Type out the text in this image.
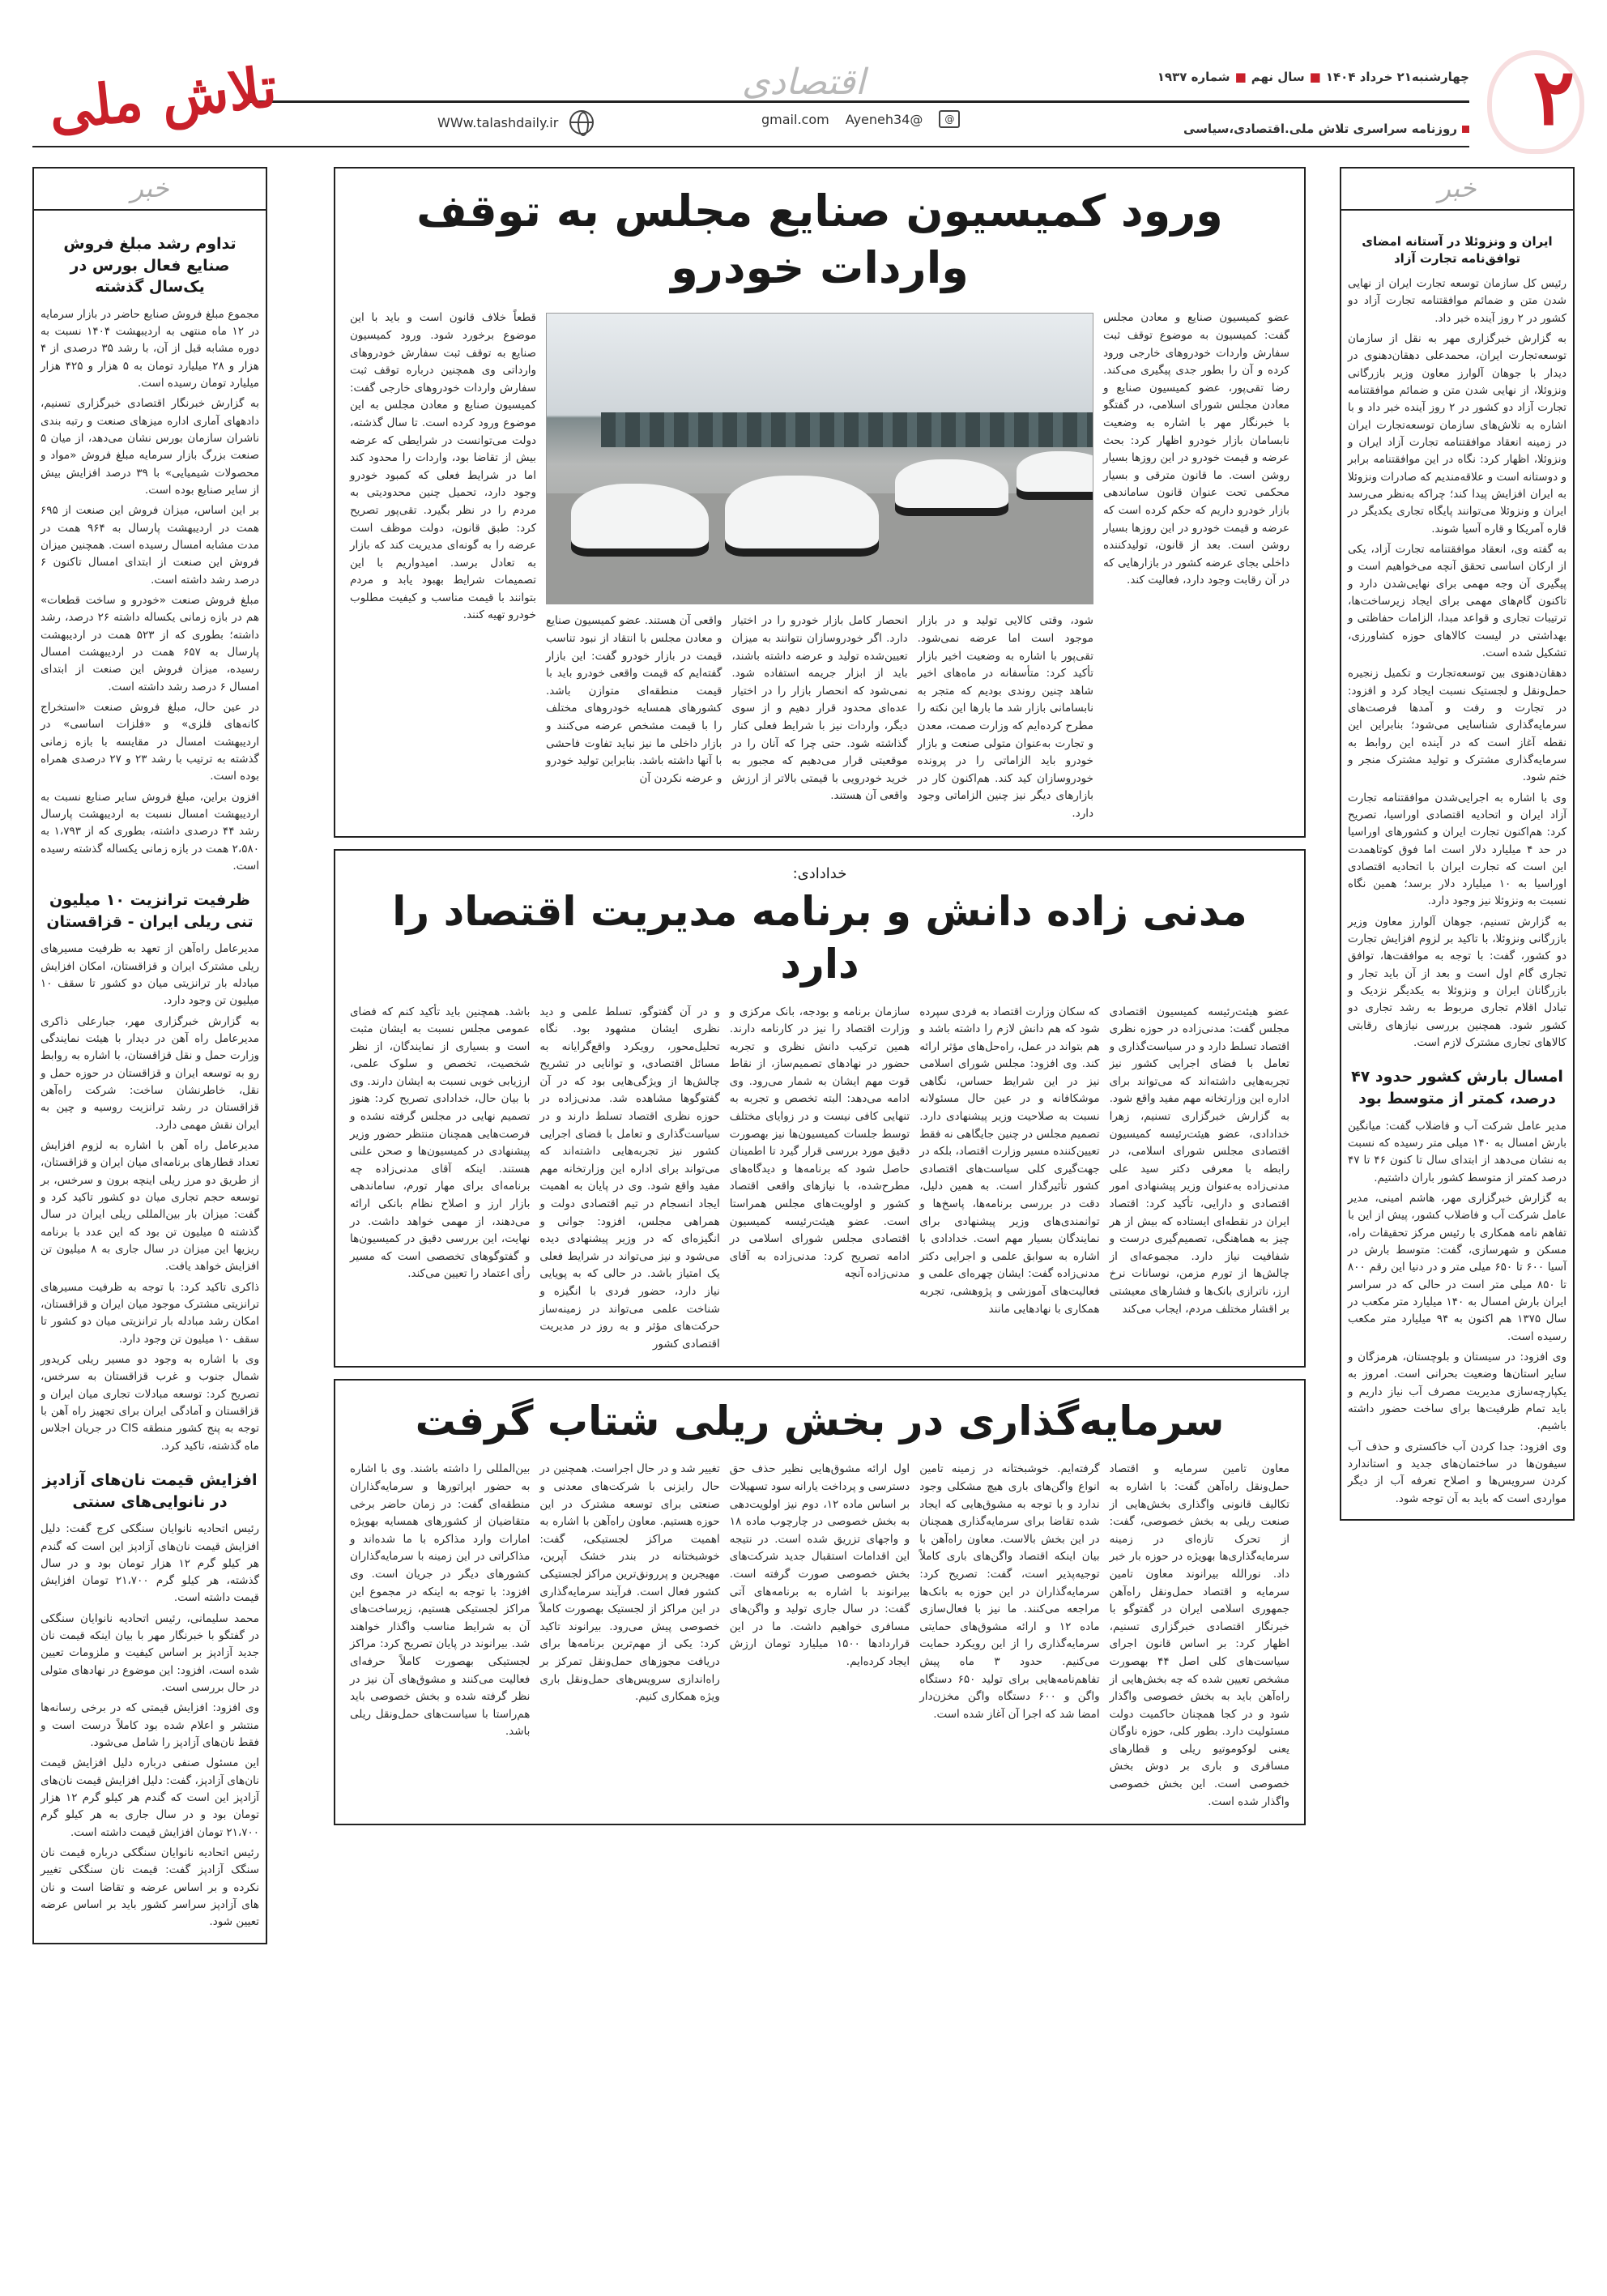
۲
چهارشنبه۲۱ خرداد ۱۴۰۴■سال نهم■شماره ۱۹۳۷
اقتصادی
روزنامه سراسری تلاش ملی.اقتصادی،سیاسی
gmail.com Ayeneh34@	@
WWw.talashdaily.ir
تلاش ملی
خبر
ایران و ونزوئلا در آستانه امضای توافق‌نامه تجارت آزاد

رئیس کل سازمان توسعه تجارت ایران از نهایی شدن متن و ضمائم موافقتنامه تجارت آزاد دو کشور در ۲ روز آینده خبر داد.

به گزارش خبرگزاری مهر به نقل از سازمان توسعه‌تجارت ایران، محمدعلی دهقان‌دهنوی در دیدار با جوهان آلوارز معاون وزیر بازرگانی ونزوئلا، از نهایی شدن متن و ضمائم موافقتنامه تجارت آزاد دو کشور در ۲ روز آینده خبر داد و با اشاره به تلاش‌های سازمان توسعه‌تجارت ایران در زمینه انعقاد موافقتنامه تجارت آزاد ایران و ونزوئلا، اظهار کرد: نگاه در این موافقتنامه برابر و دوستانه است و علاقه‌مندیم که صادرات ونزوئلا به ایران افزایش پیدا کند؛ چراکه به‌نظر می‌رسد ایران و ونزوئلا می‌توانند پایگاه تجاری یکدیگر در قاره آمریکا و قاره آسیا شوند.

به گفته وی، انعقاد موافقتنامه تجارت آزاد، یکی از ارکان اساسی تحقق آنچه می‌خواهیم است و پیگیری آن وجه مهمی برای نهایی‌شدن دارد و تاکنون گام‌های مهمی برای ایجاد زیرساخت‌ها، ترتیبات تجاری و قواعد مبدا، الزامات حفاظتی و بهداشتی در لیست کالاهای حوزه کشاورزی، تشکیل شده است.

دهقان‌دهنوی بین توسعه‌تجارت و تکمیل زنجیره حمل‌ونقل و لجستیک نسبت ایجاد کرد و افزود: در تجارت و رفت و آمدها فرصت‌های سرمایه‌گذاری شناسایی می‌شود؛ بنابراین این نقطه آغاز است که در آینده این روابط به سرمایه‌گذاری مشترک و تولید مشترک منجر و ختم شود.

وی با اشاره به اجرایی‌شدن موافقتنامه تجارت آزاد ایران و اتحادیه اقتصادی اوراسیا، تصریح کرد: هم‌اکنون تجارت ایران و کشورهای اوراسیا در حد ۴ میلیارد دلار است اما فوق کوتاهمدت این است که تجارت ایران با اتحادیه اقتصادی اوراسیا به ۱۰ میلیارد دلار برسد؛ همین نگاه نسبت به ونزوئلا نیز وجود دارد.

به گزارش تسنیم، جوهان آلوارز معاون وزیر بازرگانی ونزوئلا، با تاکید بر لزوم افزایش تجارت دو کشور، گفت: با توجه به موافقت‌ها، توافق تجاری گام اول است و بعد از آن باید تجار و بازرگانان ایران و ونزوئلا به یکدیگر نزدیک و تبادل اقلام تجاری مربوط به رشد تجاری دو کشور شود. همچنین بررسی نیازهای رقابتی کالاهای تجاری مشترک لازم است.

امسال بارش کشور حدود ۴۷ درصد، کمتر از متوسط بود

مدیر عامل شرکت آب و فاضلاب گفت: میانگین بارش امسال به ۱۴۰ میلی متر رسیده که نسبت به نشان می‌دهد از ابتدای سال تا کنون ۴۶ تا ۴۷ درصد کمتر از متوسط کشور باران داشتیم.

به گزارش خبرگزاری مهر، هاشم امینی، مدیر عامل شرکت آب و فاضلاب کشور، پیش از این با تفاهم نامه همکاری با رئیس مرکز تحقیقات راه، مسکن و شهرسازی، گفت: متوسط بارش در آسیا ۶۰۰ تا ۶۵۰ میلی متر و در دنیا این رقم ۸۰۰ تا ۸۵۰ میلی متر است در حالی که در سراسر ایران بارش امسال به ۱۴۰ میلیارد متر مکعب در سال ۱۳۷۵ هم اکنون به ۹۴ میلیارد متر مکعب رسیده است.

وی افزود: در سیستان و بلوچستان، هرمزگان و سایر استان‌ها وضعیت بحرانی است. امروز به یکپارچه‌سازی مدیریت مصرف آب نیاز داریم و باید تمام ظرفیت‌ها برای ساخت حضور داشته باشیم.

وی افزود: جدا کردن آب خاکستری و حذف آب سیفون‌ها در ساختمان‌های جدید و استاندارد کردن سرویس‌ها و اصلاح تعرفه آب از دیگر مواردی است که باید به آن توجه شود.

خبر
تداوم رشد مبلغ فروش صنایع فعال بورس در یک‌سال گذشته

مجموع مبلغ فروش صنایع حاضر در بازار سرمایه در ۱۲ ماه منتهی به اردیبهشت ۱۴۰۴ نسبت به دوره مشابه قبل از آن، با رشد ۳۵ درصدی از ۴ هزار و ۲۸ میلیارد تومان به ۵ هزار و ۴۲۵ هزار میلیارد تومان رسیده است.

به گزارش خبرنگار اقتصادی خبرگزاری تسنیم، دادههای آماری اداره میزهای صنعت و رتبه بندی ناشران سازمان بورس نشان می‌دهد، از میان ۵ صنعت بزرگ بازار سرمایه مبلغ فروش «مواد و محصولات شیمیایی» با ۳۹ درصد افزایش بیش از سایر صنایع بوده است.

بر این اساس، میزان فروش این صنعت از ۶۹۵ همت در اردیبهشت پارسال به ۹۶۴ همت در مدت مشابه امسال رسیده است. همچنین میزان فروش این صنعت از ابتدای امسال تاکنون ۶ درصد رشد داشته است.

مبلغ فروش صنعت «خودرو و ساخت قطعات» هم در بازه زمانی یکساله داشته ۲۶ درصد، رشد داشته؛ بطوری که از ۵۲۳ همت در اردیبهشت پارسال به ۶۵۷ همت در اردیبهشت امسال رسیده، میزان فروش این صنعت از ابتدای امسال ۶ درصد رشد داشته است.

در عین حال، مبلغ فروش صنعت «استخراج کانه‌های فلزی» و «فلزات اساسی» در اردیبهشت امسال در مقایسه با بازه زمانی گذشته به ترتیب با رشد ۲۳ و ۲۷ درصدی همراه بوده است.

افزون براین، مبلغ فروش سایر صنایع نسبت به اردیبهشت امسال نسبت به اردیبهشت پارسال رشد ۴۴ درصدی داشته، بطوری که از ۱،۷۹۳ به ۲،۵۸۰ همت در بازه زمانی یکساله گذشته رسیده است.

ظرفیت ترانزیت ۱۰ میلیون تنی ریلی ایران - قزاقستان

مدیرعامل راه‌آهن از تعهد به ظرفیت مسیرهای ریلی مشترک ایران و قزاقستان، امکان افزایش مبادله بار ترانزیتی میان دو کشور تا سقف ۱۰ میلیون تن وجود دارد.

به گزارش خبرگزاری مهر، جبارعلی ذاکری مدیرعامل راه آهن در دیدار با هیئت نمایندگی وزارت حمل و نقل قزاقستان، با اشاره به روابط رو به توسعه ایران و قزاقستان در حوزه حمل و نقل، خاطرنشان ساخت: شرکت راه‌آهن قزاقستان در رشد ترانزیت روسیه و چین به ایران نقش مهمی دارد.

مدیرعامل راه آهن با اشاره به لزوم افزایش تعداد قطارهای برنامه‌ای میان ایران و قزاقستان، از طریق دو مرز ریلی اینچه برون و سرخس، بر توسعه حجم تجاری میان دو کشور تاکید کرد و گفت: میزان بار بین‌المللی ریلی ایران در سال گذشته ۵ میلیون تن بود که این عدد با برنامه ریزیها این میزان در سال جاری به ۸ میلیون تن افزایش خواهد یافت.

ذاکری تاکید کرد: با توجه به ظرفیت مسیرهای ترانزیتی مشترک موجود میان ایران و قزاقستان، امکان رشد مبادله بار ترانزیتی میان دو کشور تا سقف ۱۰ میلیون تن وجود دارد.

وی با اشاره به وجود دو مسیر ریلی کریدور شمال جنوب و غرب قزاقستان به سرخس، تصریح کرد: توسعه مبادلات تجاری میان ایران و قزاقستان و آمادگی ایران برای تجهیز راه آهن با توجه به پنج کشور منطقه CIS در جریان اجلاس ماه گذشته، تاکید کرد.

افزایش قیمت نان‌های آزادپز در نانوایی‌های سنتی

رئیس اتحادیه نانوایان سنگکی کرج گفت: دلیل افزایش قیمت نان‌های آزادپز این است که گندم هر کیلو گرم ۱۲ هزار تومان بود و در سال گذشته، هر کیلو گرم ۲۱،۷۰۰ تومان افزایش قیمت داشته است.

محمد سلیمانی، رئیس اتحادیه نانوایان سنگکی در گفتگو با خبرنگار مهر با بیان اینکه قیمت نان جدید آزادپز بر اساس کیفیت و ملزومات تعیین شده است، افزود: این موضوع در نهادهای متولی در حال بررسی است.

وی افزود: افزایش قیمتی که در برخی رسانه‌ها منتشر و اعلام شده بود کاملاً درست است و فقط نان‌های آزادپز را شامل می‌شود.

این مسئول صنفی درباره دلیل افزایش قیمت نان‌های آزادپز، گفت: دلیل افزایش قیمت نان‌های آزادپز این است که گندم هر کیلو گرم ۱۲ هزار تومان بود و در سال جاری به هر کیلو گرم ۲۱،۷۰۰ تومان افزایش قیمت داشته است.

رئیس اتحادیه نانوایان سنگکی درباره قیمت نان سنگک آزادپز گفت: قیمت نان سنگکی تغییر نکرده و بر اساس عرضه و تقاضا است و نان های آزادپز سراسر کشور باید بر اساس عرضه تعیین شود.

ورود کمیسیون صنایع مجلس به توقف واردات خودرو
عضو کمیسیون صنایع و معادن مجلس گفت: کمیسیون به موضوع توقف ثبت سفارش واردات خودروهای خارجی ورود کرده و آن را بطور جدی پیگیری می‌کند. رضا تقی‌پور، عضو کمیسیون صنایع و معادن مجلس شورای اسلامی، در گفتگو با خبرنگار مهر با اشاره به وضعیت نابسامان بازار خودرو اظهار کرد: بحث عرضه و قیمت خودرو در این روزها بسیار روشن است. ما قانون مترقی و بسیار محکمی تحت عنوان قانون ساماندهی بازار خودرو داریم که حکم کرده است که عرضه و قیمت خودرو در این روزها بسیار روشن است. بعد از قانون، تولیدکننده داخلی بجای عرضه کشور در بازارهایی که در آن رقابت وجود دارد، فعالیت کند.
شود، وقتی کالایی تولید و در بازار موجود است اما عرضه نمی‌شود. تقی‌پور با اشاره به وضعیت اخیر بازار تأکید کرد: متأسفانه در ماه‌های اخیر شاهد چنین روندی بودیم که متجر به نابسامانی بازار شد ما بارها این نکته را مطرح کرده‌ایم که وزارت صمت، معدن و تجارت به‌عنوان متولی صنعت و بازار خودرو باید الزاماتی را در پرونده خودروسازان کید کند. هم‌اکنون کار در بازارهای دیگر نیز چنین الزاماتی وجود دارد.
انحصار کامل بازار خودرو را در اختیار دارد. اگر خودروسازان نتوانند به میزان تعیین‌شده تولید و عرضه داشته باشند، باید از ابزار جریمه استفاده شود. نمی‌شود که انحصار بازار را در اختیار عده‌ای محدود قرار دهیم و از سوی دیگر، واردات نیز با شرایط فعلی کنار گذاشته شود. حتی چرا که آنان را در موقعیتی قرار می‌دهیم که مجبور به خرید خودرویی با قیمتی بالاتر از ارزش واقعی آن هستند.
واقعی آن هستند. عضو کمیسیون صنایع و معادن مجلس با انتقاد از نبود تناسب قیمت در بازار خودرو گفت: این بازار گفته‌ایم که قیمت واقعی خودرو باید با قیمت منطقه‌ای متوازن باشد. کشورهای همسایه خودروهای مختلف را با قیمت مشخص عرضه می‌کنند و بازار داخلی ما نیز نباید تفاوت فاحشی با آنها داشته باشد. بنابراین تولید خودرو و عرضه نکردن آن
قطعاً خلاف قانون است و باید با این موضوع برخورد شود. ورود کمیسیون صنایع به توقف ثبت سفارش خودروهای وارداتی وی همچنین درباره توقف ثبت سفارش واردات خودروهای خارجی گفت: کمیسیون صنایع و معادن مجلس به این موضوع ورود کرده است. تا سال گذشته، دولت می‌توانست در شرایطی که عرضه بیش از تقاضا بود، واردات را محدود کند اما در شرایط فعلی که کمبود خودرو وجود دارد، تحمیل چنین محدودیتی به مردم را در نظر بگیرد. تقی‌پور تصریح کرد: طبق قانون، دولت موظف است عرضه را به گونه‌ای مدیریت کند که بازار به تعادل برسد. امیدواریم با این تصمیمات شرایط بهبود یابد و مردم بتوانند با قیمت مناسب و کیفیت مطلوب خودرو تهیه کنند.
خدادادی:
مدنی زاده دانش و برنامه مدیریت اقتصاد را دارد
عضو هیئت‌رئیسه کمیسیون اقتصادی مجلس گفت: مدنی‌زاده در حوزه نظری اقتصاد تسلط دارد و در سیاست‌گذاری و تعامل با فضای اجرایی کشور نیز تجربه‌هایی داشته‌اند که می‌تواند برای اداره این وزارتخانه مهم مفید واقع شود. به گزارش خبرگزاری تسنیم، زهرا خدادادی، عضو هیئت‌رئیسه کمیسیون اقتصادی مجلس شورای اسلامی، در رابطه با معرفی دکتر سید علی مدنی‌زاده به‌عنوان وزیر پیشنهادی امور اقتصادی و دارایی، تأکید کرد: اقتصاد ایران در نقطه‌ای ایستاده که بیش از هر چیز به هماهنگی، تصمیم‌گیری درست و شفافیت نیاز دارد. مجموعه‌ای از چالش‌ها از تورم مزمن، نوسانات نرخ ارز، ناترازی بانک‌ها و فشارهای معیشتی بر اقشار مختلف مردم، ایجاب می‌کند
که سکان وزارت اقتصاد به فردی سپرده شود که هم دانش لازم را داشته باشد و هم بتواند در عمل، راه‌حل‌های مؤثر ارائه کند. وی افزود: مجلس شورای اسلامی نیز در این شرایط حساس، نگاهی موشکافانه و در عین حال مسئولانه نسبت به صلاحیت وزیر پیشنهادی دارد. تصمیم مجلس در چنین جایگاهی نه فقط تعیین‌کننده مسیر وزارت اقتصاد، بلکه در جهت‌گیری کلی سیاست‌های اقتصادی کشور تأثیرگذار است. به همین دلیل، دقت در بررسی برنامه‌ها، پاسخ‌ها و توانمندی‌های وزیر پیشنهادی برای نمایندگان بسیار مهم است. خدادادی با اشاره به سوابق علمی و اجرایی دکتر مدنی‌زاده گفت: ایشان چهره‌ای علمی و فعالیت‌های آموزشی و پژوهشی، تجربه همکاری با نهادهایی مانند
سازمان برنامه و بودجه، بانک مرکزی و وزارت اقتصاد را نیز در کارنامه دارند. همین ترکیب دانش نظری و تجربه حضور در نهادهای تصمیم‌ساز، از نقاط قوت مهم ایشان به شمار می‌رود. وی ادامه می‌دهد: البته تخصص و تجربه به تنهایی کافی نیست و در زوایای مختلف توسط جلسات کمیسیون‌ها نیز بهصورت دقیق مورد بررسی قرار گیرد تا اطمینان حاصل شود که برنامه‌ها و دیدگاه‌های مطرح‌شده، با نیازهای واقعی اقتصاد کشور و اولویت‌های مجلس همراستا است. عضو هیئت‌رئیسه کمیسیون اقتصادی مجلس شورای اسلامی در ادامه تصریح کرد: مدنی‌زاده به آقای مدنی‌زاده آنچه
و در آن گفتوگو، تسلط علمی و دید نظری ایشان مشهود بود. نگاه تحلیل‌محور، رویکرد واقع‌گرایانه به مسائل اقتصادی، و توانایی در تشریح چالش‌ها از ویژگی‌هایی بود که در آن گفتوگوها مشاهده شد. مدنی‌زاده در حوزه نظری اقتصاد تسلط دارند و در سیاست‌گذاری و تعامل با فضای اجرایی کشور نیز تجربه‌هایی داشته‌اند که می‌تواند برای اداره این وزارتخانه مهم مفید واقع شود. وی در پایان به اهمیت ایجاد انسجام در تیم اقتصادی دولت و همراهی مجلس، افزود: جوانی و انگیزه‌ای که در وزیر پیشنهادی دیده می‌شود و نیز می‌تواند در شرایط فعلی یک امتیاز باشد. در حالی که به پویایی نیاز دارد، حضور فردی با انگیزه و شناخت علمی می‌تواند در زمینه‌ساز حرکت‌های مؤثر و به روز در مدیریت اقتصادی کشور
باشد. همچنین باید تأکید کنم که فضای عمومی مجلس نسبت به ایشان مثبت است و بسیاری از نمایندگان، از نظر شخصیت، تخصص و سلوک علمی، ارزیابی خوبی نسبت به ایشان دارند. وی با بیان حال، خدادادی تصریح کرد: هنوز تصمیم نهایی در مجلس گرفته نشده و فرصت‌هایی همچنان منتظر حضور وزیر پیشنهادی در کمیسیون‌ها و صحن علنی هستند. اینکه آقای مدنی‌زاده چه برنامه‌ای برای مهار تورم، ساماندهی بازار ارز و اصلاح نظام بانکی ارائه می‌دهند، از مهمی خواهد داشت. در نهایت، این بررسی دقیق در کمیسیون‌ها و گفتوگوهای تخصصی است که مسیر رأی اعتماد را تعیین می‌کند.
سرمایه‌گذاری در بخش ریلی شتاب گرفت
معاون تامین سرمایه و اقتصاد حمل‌ونقل راه‌آهن گفت: با اشاره به تکالیف قانونی واگذاری بخش‌هایی از صنعت ریلی به بخش خصوصی، گفت: از تحرک تازه‌ای در زمینه سرمایه‌گذاری‌ها بهویژه در حوزه بار خبر داد. نورالله بیرانوند معاون تامین سرمایه و اقتصاد حمل‌ونقل راه‌آهن جمهوری اسلامی ایران در گفتوگو با خبرنگار اقتصادی خبرگزاری تسنیم، اظهار کرد: بر اساس قانون اجرای سیاست‌های کلی اصل ۴۴ بهصورت مشخص تعیین شده که چه بخش‌هایی از راه‌آهن باید به بخش خصوصی واگذار شود و در کجا همچنان حاکمیت دولت مسئولیت دارد. بطور کلی، حوزه ناوگان یعنی لوکوموتیو ریلی و قطارهای مسافری و باری بر دوش بخش خصوصی است. این بخش خصوصی واگذار شده است.
گرفته‌ایم. خوشبختانه در زمینه تامین انواع واگن‌های باری هیچ مشکلی وجود ندارد و با توجه به مشوق‌هایی که ایجاد شده تقاضا برای سرمایه‌گذاری همچنان در این بخش بالاست. معاون راه‌آهن با بیان اینکه اقتصاد واگن‌های باری کاملاً توجیه‌پذیر است، گفت: تصریح کرد: سرمایه‌گذاران در این حوزه به بانک‌ها مراجعه می‌کنند. ما نیز با فعال‌سازی ماده ۱۲ و ارائه مشوق‌های حمایتی سرمایه‌گذاری را از این رویکرد حمایت می‌کنیم. حدود ۳ ماه پیش تفاهم‌نامه‌هایی برای تولید ۶۵۰ دستگاه واگن و ۶۰۰ دستگاه واگن مخزن‌دار امضا شد که اجرا آن آغاز شده است.
اول ارائه مشوق‌هایی نظیر حذف حق دسترسی و پرداخت یارانه سود تسهیلات بر اساس ماده ۱۲، دوم نیز اولویت‌دهی به بخش خصوصی در چارچوب ماده ۱۸ و واجهای تزریق شده است. در نتیجه این اقدامات استقبال جدید شرکت‌های بخش خصوصی صورت گرفته است. بیرانوند با اشاره به برنامه‌های آتی گفت: در سال جاری تولید و واگن‌های مسافری خواهیم داشت. ما در این قراردادها ۱۵۰۰ میلیارد تومان ارزش ایجاد کرده‌ایم.
تغییر شد و در حال اجراست. همچنین در حال رایزنی با شرکت‌های معدنی و صنعتی برای توسعه مشترک در این حوزه هستیم. معاون راه‌آهن با اشاره به اهمیت مراکز لجستیکی، گفت: خوشبختانه در بندر خشک آپرین، مهیجرین و پررونق‌ترین مراکز لجستیکی کشور فعال است. فرآیند سرمایه‌گذاری در این مراکز از لجستیک بهصورت کاملاً خصوصی پیش می‌رود. بیرانوند تاکید کرد: یکی از مهم‌ترین برنامه‌ها برای دریافت مجوزهای حمل‌ونقل تمرکز بر راه‌اندازی سرویس‌های حمل‌ونقل باری ویژه همکاری کنیم.
بین‌المللی را داشته باشند. وی با اشاره به حضور اپراتورها و سرمایه‌گذاران منطقه‌ای گفت: در زمان حاضر برخی متقاضیان از کشورهای همسایه بهویژه امارات وارد مذاکره با ما شده‌اند و مذاکراتی در این زمینه با سرمایه‌گذاران کشورهای دیگر در جریان است. وی افزود: با توجه به اینکه در مجموع این مراکز لجستیکی هستیم، زیرساخت‌های آن به شرایط مناسب واگذار خواهند شد. بیرانوند در پایان تصریح کرد: مراکز لجستیکی بهصورت کاملاً حرفه‌ای فعالیت می‌کنند و مشوق‌های آن نیز در نظر گرفته شده و بخش خصوصی باید هم‌راستا با سیاست‌های حمل‌ونقل ریلی باشد.
